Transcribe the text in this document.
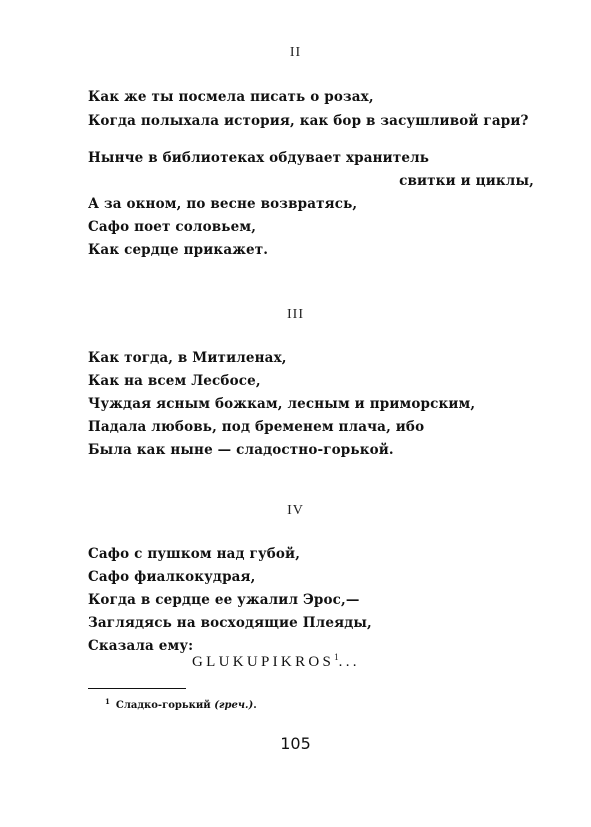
II
Как же ты посмела писать о розах,
Когда полыхала история, как бор в засушливой гари?
Нынче в библиотеках обдувает хранитель
свитки и циклы,
А за окном, по весне возвратясь,
Сафо поет соловьем,
Как сердце прикажет.
III
Как тогда, в Митиленах,
Как на всем Лесбосе,
Чуждая ясным божкам, лесным и приморским,
Падала любовь, под бременем плача, ибо
Была как ныне — сладостно-горькой.
IV
Сафо с пушком над губой,
Сафо фиалкокудрая,
Когда в сердце ее ужалил Эрос,—
Заглядясь на восходящие Плеяды,
Сказала ему:
GLUKUPIKROS$^1$...
$^1$ Сладко-горький (греч.).
105
